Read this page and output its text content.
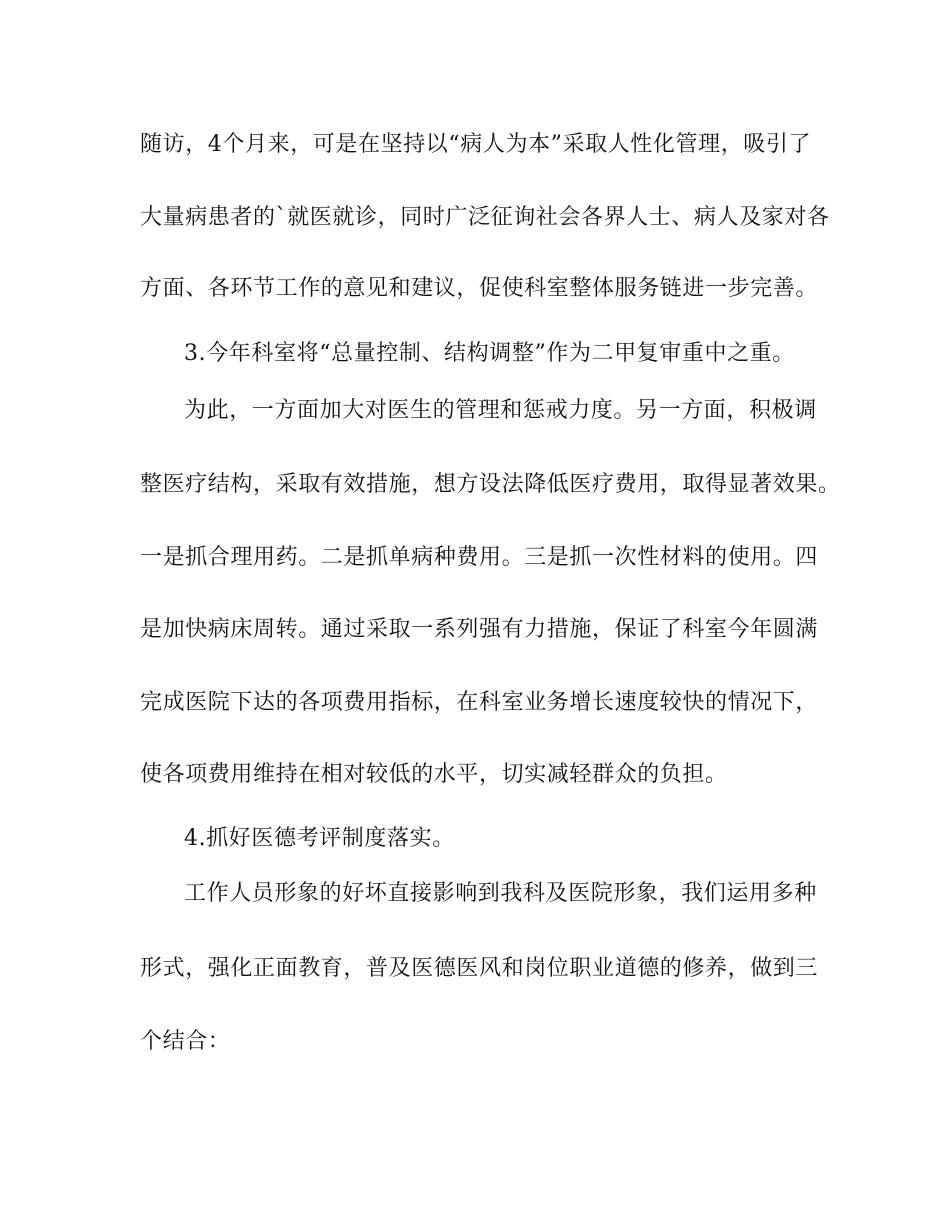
随访，4个月来，可是在坚持以“病人为本”采取人性化管理，吸引了
大量病患者的`就医就诊，同时广泛征询社会各界人士、病人及家对各
方面、各环节工作的意见和建议，促使科室整体服务链进一步完善。
3.今年科室将“总量控制、结构调整”作为二甲复审重中之重。
为此，一方面加大对医生的管理和惩戒力度。另一方面，积极调
整医疗结构，采取有效措施，想方设法降低医疗费用，取得显著效果。
一是抓合理用药。二是抓单病种费用。三是抓一次性材料的使用。四
是加快病床周转。通过采取一系列强有力措施，保证了科室今年圆满
完成医院下达的各项费用指标，在科室业务增长速度较快的情况下，
使各项费用维持在相对较低的水平，切实减轻群众的负担。
4.抓好医德考评制度落实。
工作人员形象的好坏直接影响到我科及医院形象，我们运用多种
形式，强化正面教育，普及医德医风和岗位职业道德的修养，做到三
个结合：
